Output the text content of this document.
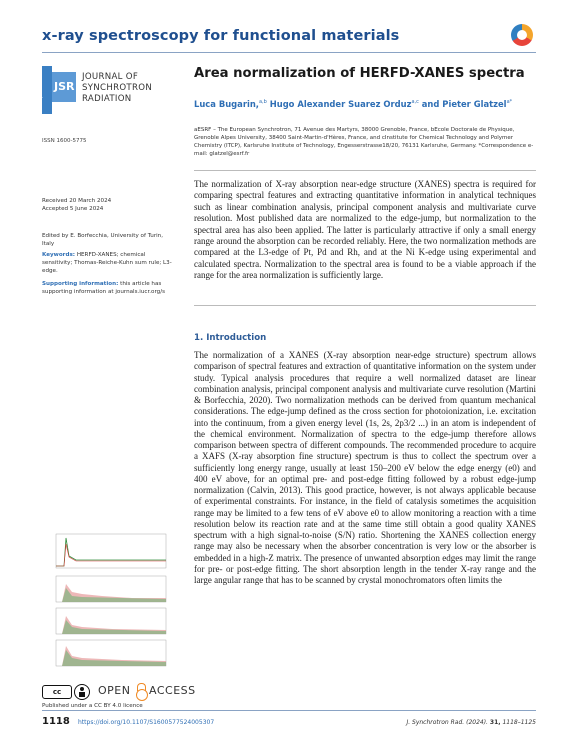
x-ray spectroscopy for functional materials
Synchrotron JSR
JOURNAL OF
SYNCHROTRON
RADIATION
ISSN 1600-5775
Received 20 March 2024
Accepted 5 June 2024
Edited by E. Borfecchia, University of Turin, Italy
Keywords: HERFD-XANES; chemical sensitivity; Thomas-Reiche-Kuhn sum rule; L3-edge.
Supporting information: this article has supporting information at journals.iucr.org/s
cc	OPEN ACCESS
Published under a CC BY 4.0 licence
Area normalization of HERFD-XANES spectra
Luca Bugarin,$^{a,b}$ Hugo Alexander Suarez Orduz$^{a,c}$ and Pieter Glatzel$^{a*}$
aESRF – The European Synchrotron, 71 Avenue des Martyrs, 38000 Grenoble, France, bEcole Doctorale de Physique, Grenoble Alpes University, 38400 Saint-Martin-d'Hères, France, and cInstitute for Chemical Technology and Polymer Chemistry (ITCP), Karlsruhe Institute of Technology, Engesserstrasse18/20, 76131 Karlsruhe, Germany. *Correspondence e-mail: glatzel@esrf.fr
The normalization of X-ray absorption near-edge structure (XANES) spectra is required for comparing spectral features and extracting quantitative information in analytical techniques such as linear combination analysis, principal component analysis and multivariate curve resolution. Most published data are normalized to the edge-jump, but normalization to the spectral area has also been applied. The latter is particularly attractive if only a small energy range around the absorption can be recorded reliably. Here, the two normalization methods are compared at the L3-edge of Pt, Pd and Rh, and at the Ni K-edge using experimental and calculated spectra. Normalization to the spectral area is found to be a viable approach if the range for the area normalization is sufficiently large.
1. Introduction
The normalization of a XANES (X-ray absorption near-edge structure) spectrum allows comparison of spectral features and extraction of quantitative information on the system under study. Typical analysis procedures that require a well normalized dataset are linear combination analysis, principal component analysis and multivariate curve resolution (Martini & Borfecchia, 2020). Two normalization methods can be derived from quantum mechanical considerations. The edge-jump defined as the cross section for photoionization, i.e. excitation into the continuum, from a given energy level (1s, 2s, 2p3/2 ...) in an atom is independent of the chemical environment. Normalization of spectra to the edge-jump therefore allows comparison between spectra of different compounds. The recommended procedure to acquire a XAFS (X-ray absorption fine structure) spectrum is thus to collect the spectrum over a sufficiently long energy range, usually at least 150–200 eV below the edge energy (e0) and 400 eV above, for an optimal pre- and post-edge fitting followed by a robust edge-jump normalization (Calvin, 2013). This good practice, however, is not always applicable because of experimental constraints. For instance, in the field of catalysis sometimes the acquisition range may be limited to a few tens of eV above e0 to allow monitoring a reaction with a time resolution below its reaction rate and at the same time still obtain a good quality XANES spectrum with a high signal-to-noise (S/N) ratio. Shortening the XANES collection energy range may also be necessary when the absorber concentration is very low or the absorber is embedded in a high-Z matrix. The presence of unwanted absorption edges may limit the range for pre- or post-edge fitting. The short absorption length in the tender X-ray range and the large angular range that has to be scanned by crystal monochromators often limits the
1118 https://doi.org/10.1107/S1600577524005307	J. Synchrotron Rad. (2024). 31, 1118–1125
